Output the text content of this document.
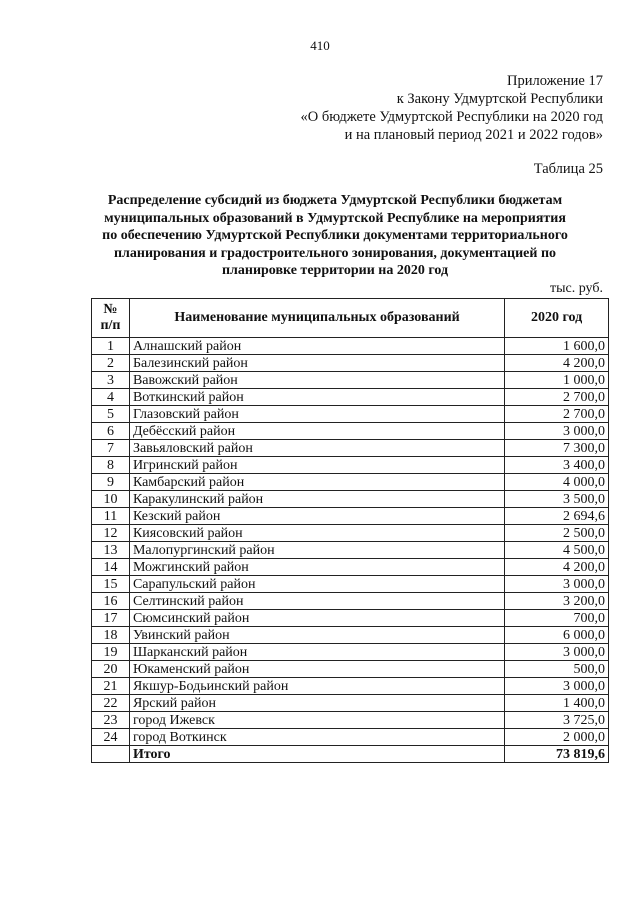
410
Приложение 17
к Закону Удмуртской Республики
«О бюджете Удмуртской Республики на 2020 год
и на плановый период 2021 и 2022 годов»
Таблица 25
Распределение субсидий из бюджета Удмуртской Республики бюджетам
муниципальных образований в Удмуртской Республике на мероприятия
по обеспечению Удмуртской Республики документами территориального
планирования и градостроительного зонирования, документацией по
планировке территории на 2020 год
тыс. руб.
№
п/п	Наименование муниципальных образований	2020 год
1	Алнашский район	1 600,0
2	Балезинский район	4 200,0
3	Вавожский район	1 000,0
4	Воткинский район	2 700,0
5	Глазовский район	2 700,0
6	Дебёсский район	3 000,0
7	Завьяловский район	7 300,0
8	Игринский район	3 400,0
9	Камбарский район	4 000,0
10	Каракулинский район	3 500,0
11	Кезский район	2 694,6
12	Киясовский район	2 500,0
13	Малопургинский район	4 500,0
14	Можгинский район	4 200,0
15	Сарапульский район	3 000,0
16	Селтинский район	3 200,0
17	Сюмсинский район	700,0
18	Увинский район	6 000,0
19	Шарканский район	3 000,0
20	Юкаменский район	500,0
21	Якшур-Бодьинский район	3 000,0
22	Ярский район	1 400,0
23	город Ижевск	3 725,0
24	город Воткинск	2 000,0
	Итого	73 819,6
